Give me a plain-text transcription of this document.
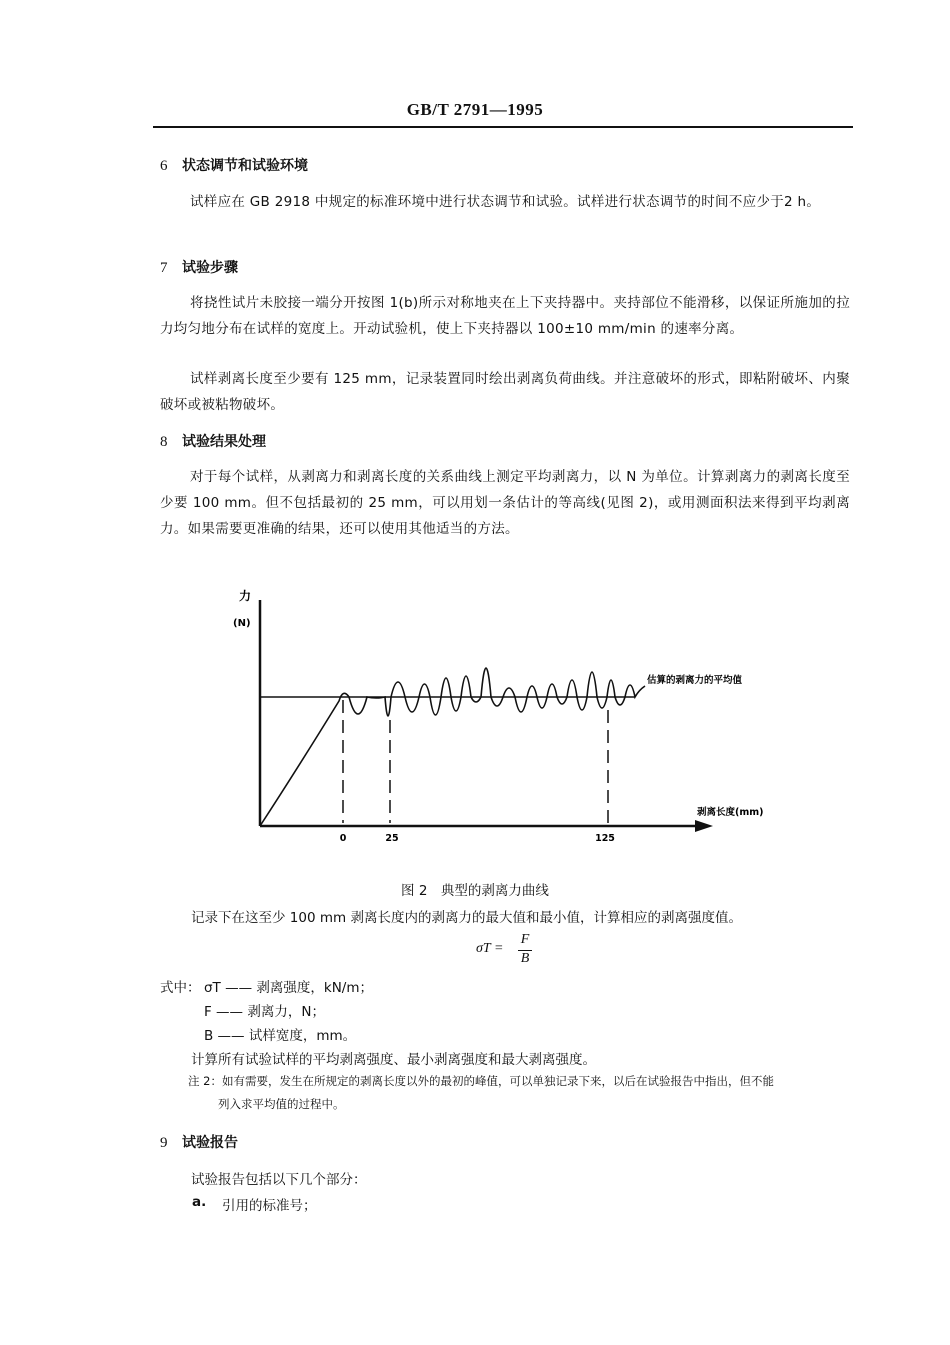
GB/T 2791—1995
6 状态调节和试验环境
试样应在 GB 2918 中规定的标准环境中进行状态调节和试验。试样进行状态调节的时间不应少于2 h。
7 试验步骤
将挠性试片未胶接一端分开按图 1(b)所示对称地夹在上下夹持器中。夹持部位不能滑移，以保证所施加的拉力均匀地分布在试样的宽度上。开动试验机，使上下夹持器以 100±10 mm/min 的速率分离。
试样剥离长度至少要有 125 mm，记录装置同时绘出剥离负荷曲线。并注意破坏的形式，即粘附破坏、内聚破坏或被粘物破坏。
8 试验结果处理
对于每个试样，从剥离力和剥离长度的关系曲线上测定平均剥离力，以 N 为单位。计算剥离力的剥离长度至少要 100 mm。但不包括最初的 25 mm，可以用划一条估计的等高线(见图 2)，或用测面积法来得到平均剥离力。如果需要更准确的结果，还可以使用其他适当的方法。
力
(N)
估算的剥离力的平均值
剥离长度(mm)
0	25	125
图 2　典型的剥离力曲线
记录下在这至少 100 mm 剥离长度内的剥离力的最大值和最小值，计算相应的剥离强度值。
σT =
F
B
式中： σT —— 剥离强度，kN/m；
F —— 剥离力，N；
B —— 试样宽度，mm。
计算所有试验试样的平均剥离强度、最小剥离强度和最大剥离强度。
注 2：如有需要，发生在所规定的剥离长度以外的最初的峰值，可以单独记录下来，以后在试验报告中指出，但不能
列入求平均值的过程中。
9 试验报告
试验报告包括以下几个部分：
a. 引用的标准号；
